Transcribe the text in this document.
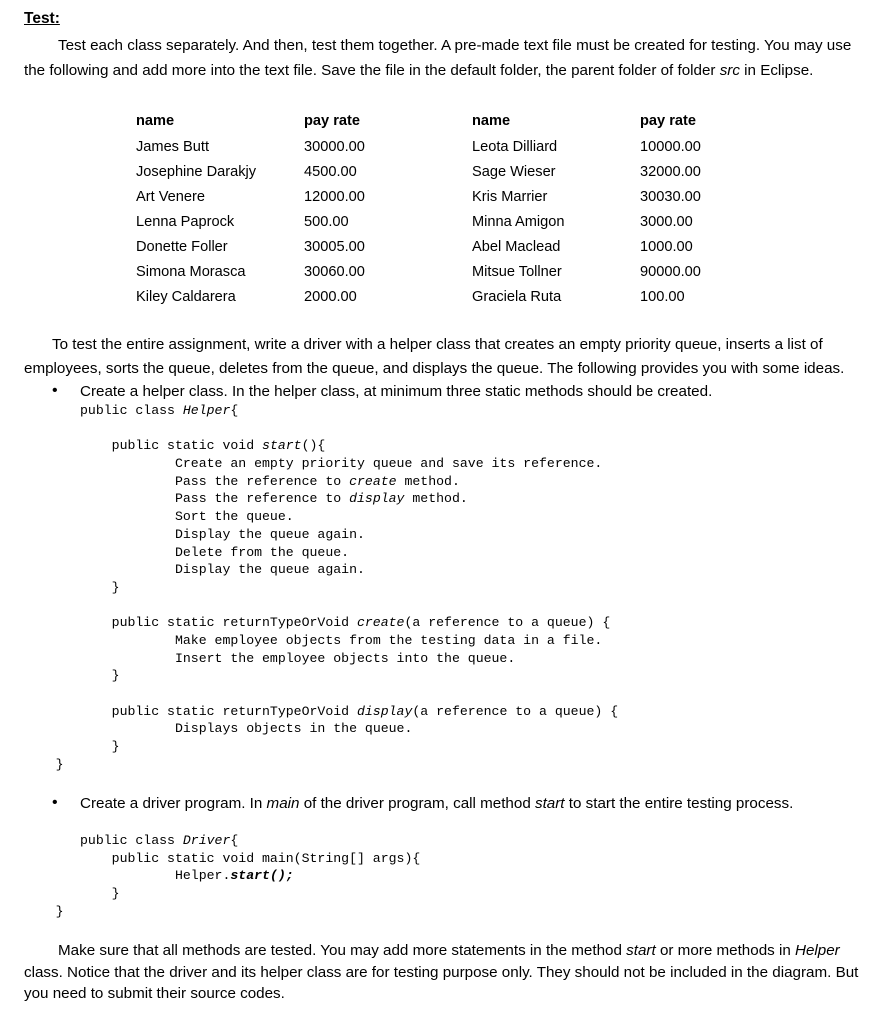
Test:

Test each class separately. And then, test them together. A pre-made text file must be created for testing. You may use the following and add more into the text file. Save the file in the default folder, the parent folder of folder src in Eclipse.

name	pay rate	name	pay rate
James Butt	30000.00	Leota Dilliard	10000.00
Josephine Darakjy	4500.00	Sage Wieser	32000.00
Art Venere	12000.00	Kris Marrier	30030.00
Lenna Paprock	500.00	Minna Amigon	3000.00
Donette Foller	30005.00	Abel Maclead	1000.00
Simona Morasca	30060.00	Mitsue Tollner	90000.00
Kiley Caldarera	2000.00	Graciela Ruta	100.00

To test the entire assignment, write a driver with a helper class that creates an empty priority queue, inserts a list of employees, sorts the queue, deletes from the queue, and displays the queue. The following provides you with some ideas.

• Create a helper class. In the helper class, at minimum three static methods should be created.
public class Helper{

public static void start(){
Create an empty priority queue and save its reference.
Pass the reference to create method.
Pass the reference to display method.
Sort the queue.
Display the queue again.
Delete from the queue.
Display the queue again.
}

public static returnTypeOrVoid create(a reference to a queue) {
Make employee objects from the testing data in a file.
Insert the employee objects into the queue.
}

public static returnTypeOrVoid display(a reference to a queue) {
Displays objects in the queue.
}
}
• Create a driver program. In main of the driver program, call method start to start the entire testing process.
public class Driver{
public static void main(String[] args){
Helper.start();
}
}

Make sure that all methods are tested. You may add more statements in the method start or more methods in Helper class. Notice that the driver and its helper class are for testing purpose only. They should not be included in the diagram. But you need to submit their source codes.
